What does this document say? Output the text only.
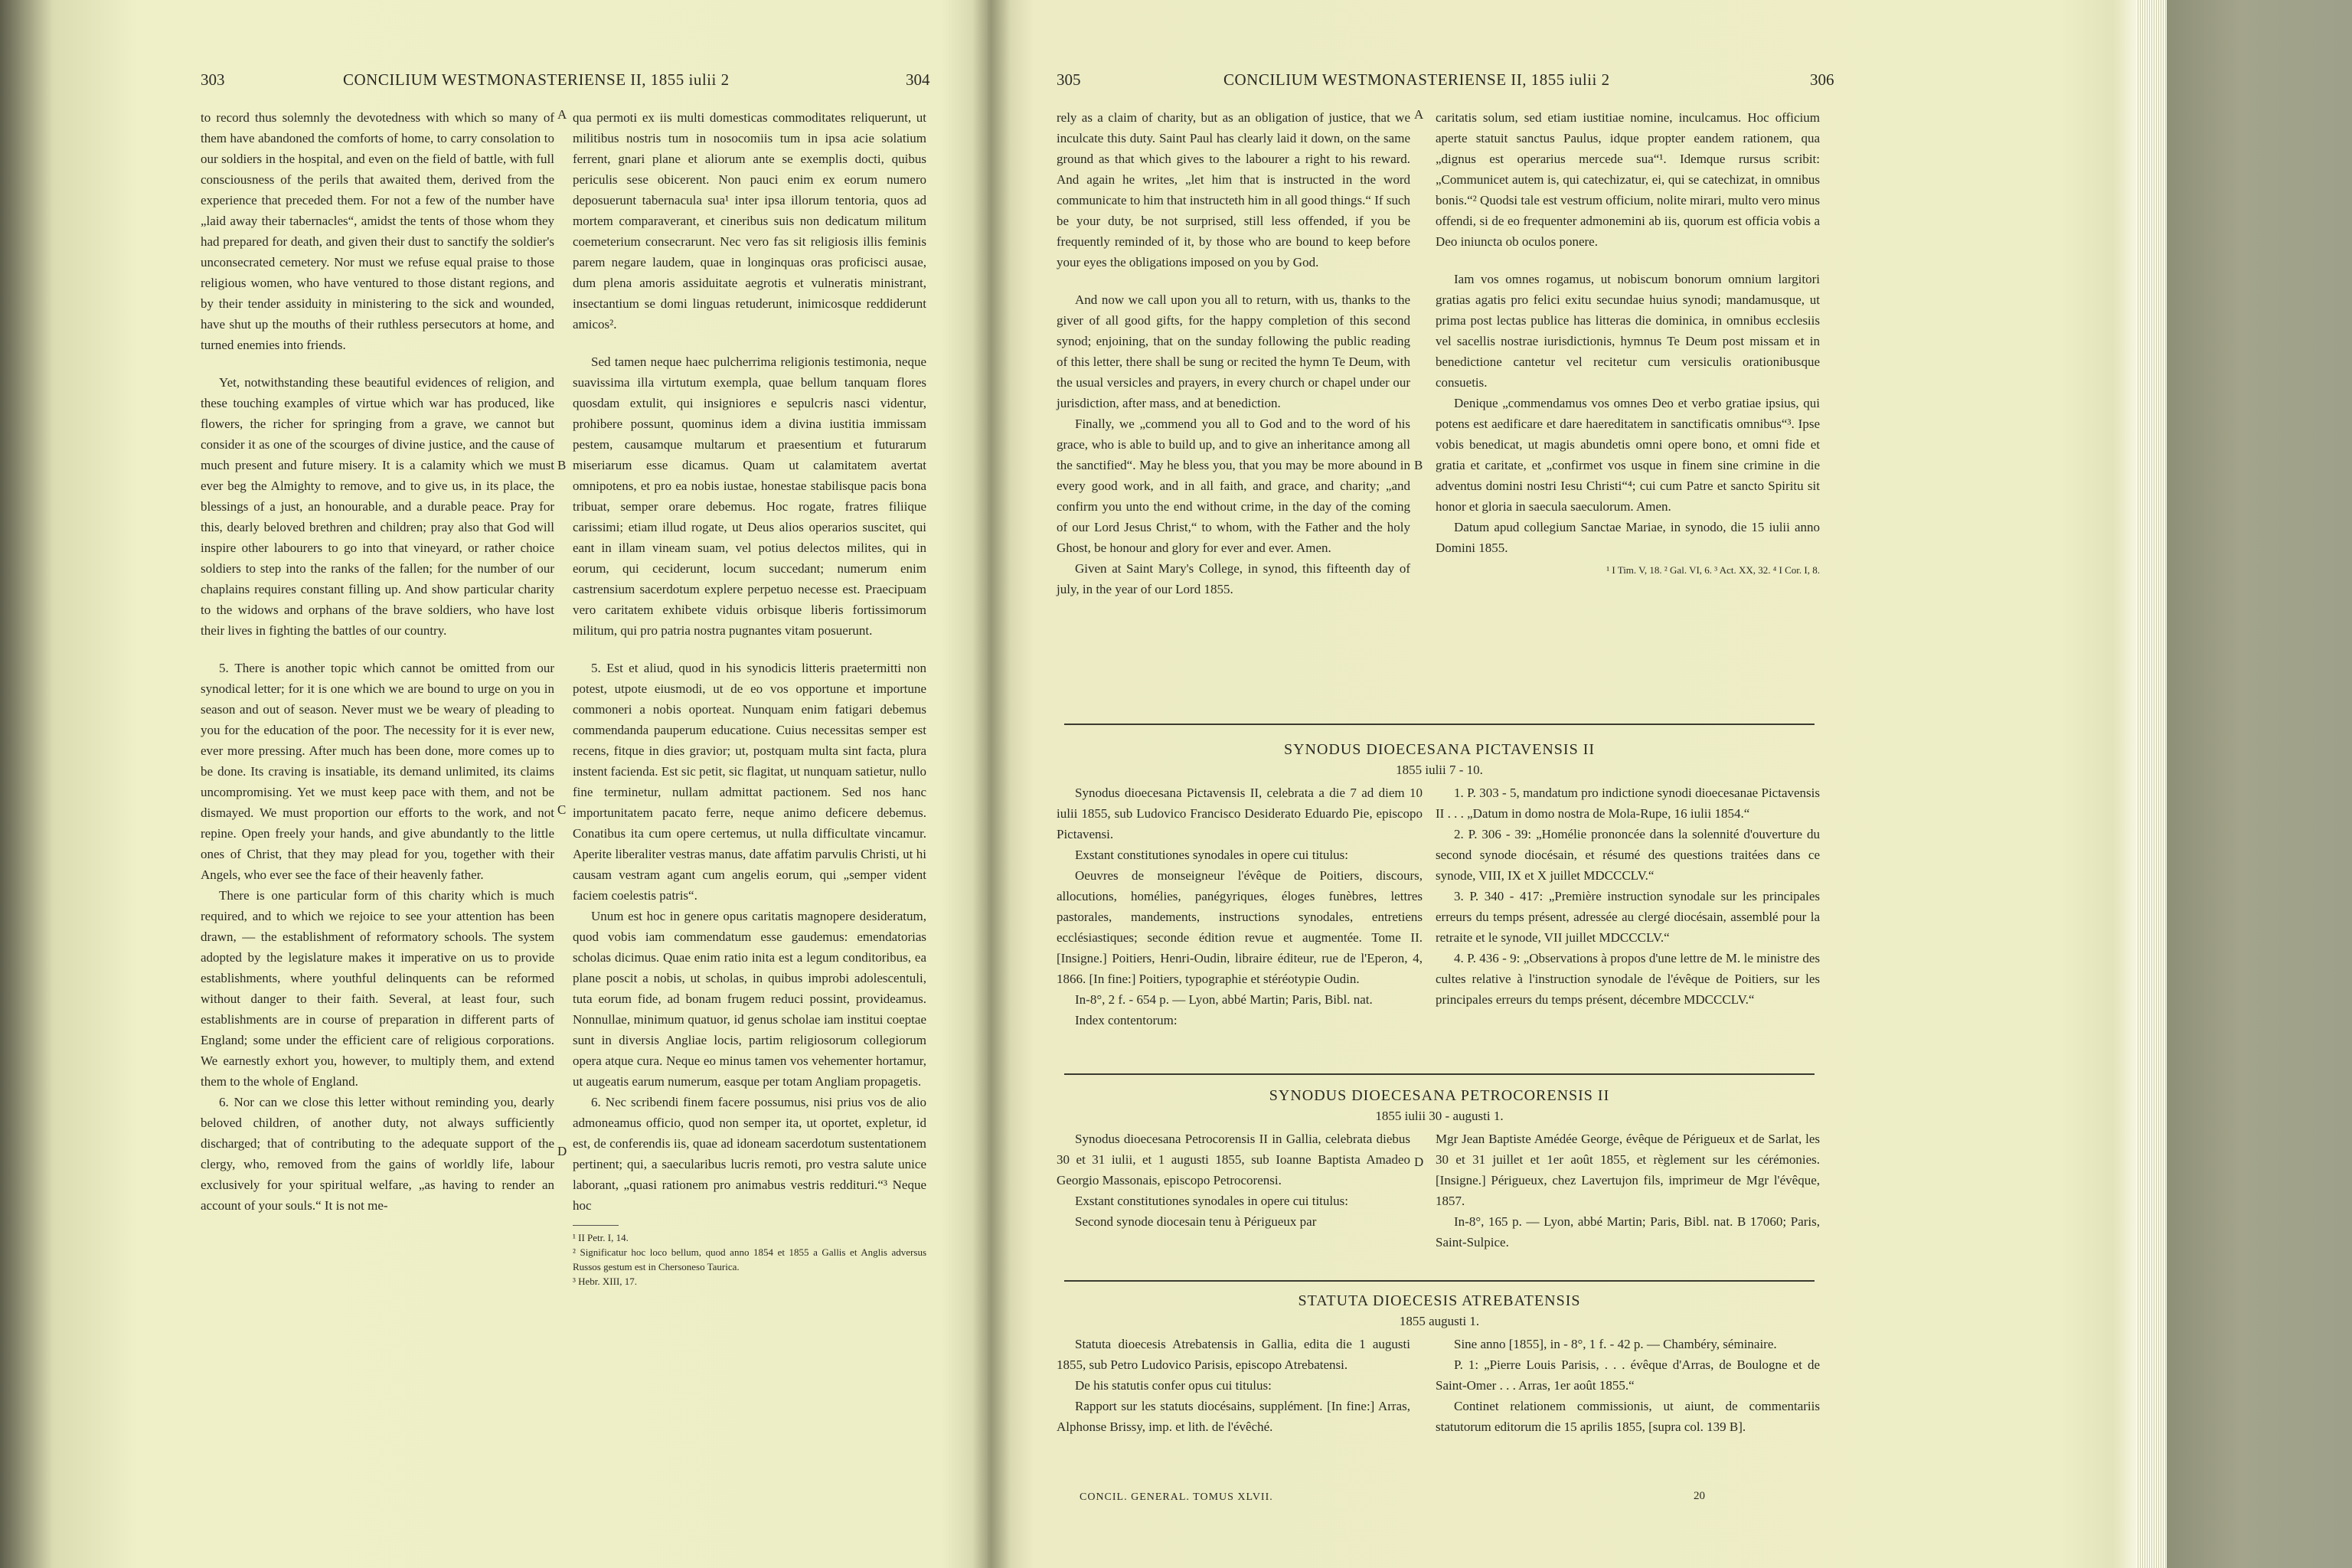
303	CONCILIUM WESTMONASTERIENSE II, 1855 iulii 2	304

to record thus solemnly the devotedness with which so many of them have abandoned the comforts of home, to carry consolation to our soldiers in the hospital, and even on the field of battle, with full consciousness of the perils that awaited them, derived from the experience that preceded them. For not a few of the number have „laid away their tabernacles“, amidst the tents of those whom they had prepared for death, and given their dust to sanctify the soldier's unconsecrated cemetery. Nor must we refuse equal praise to those religious women, who have ventured to those distant regions, and by their tender assiduity in ministering to the sick and wounded, have shut up the mouths of their ruthless persecutors at home, and turned enemies into friends.

Yet, notwithstanding these beautiful evidences of religion, and these touching examples of virtue which war has produced, like flowers, the richer for springing from a grave, we cannot but consider it as one of the scourges of divine justice, and the cause of much present and future misery. It is a calamity which we must ever beg the Almighty to remove, and to give us, in its place, the blessings of a just, an honourable, and a durable peace. Pray for this, dearly beloved brethren and children; pray also that God will inspire other labourers to go into that vineyard, or rather choice soldiers to step into the ranks of the fallen; for the number of our chaplains requires constant filling up. And show particular charity to the widows and orphans of the brave soldiers, who have lost their lives in fighting the battles of our country.

5. There is another topic which cannot be omitted from our synodical letter; for it is one which we are bound to urge on you in season and out of season. Never must we be weary of pleading to you for the education of the poor. The necessity for it is ever new, ever more pressing. After much has been done, more comes up to be done. Its craving is insatiable, its demand unlimited, its claims uncompromising. Yet we must keep pace with them, and not be dismayed. We must proportion our efforts to the work, and not repine. Open freely your hands, and give abundantly to the little ones of Christ, that they may plead for you, together with their Angels, who ever see the face of their heavenly father.

There is one particular form of this charity which is much required, and to which we rejoice to see your attention has been drawn, — the establishment of reformatory schools. The system adopted by the legislature makes it imperative on us to provide establishments, where youthful delinquents can be reformed without danger to their faith. Several, at least four, such establishments are in course of preparation in different parts of England; some under the efficient care of religious corporations. We earnestly exhort you, however, to multiply them, and extend them to the whole of England.

6. Nor can we close this letter without reminding you, dearly beloved children, of another duty, not always sufficiently discharged; that of contributing to the adequate support of the clergy, who, removed from the gains of worldly life, labour exclusively for your spiritual welfare, „as having to render an account of your souls.“ It is not me-

A
B
C
D

qua permoti ex iis multi domesticas commoditates reliquerunt, ut militibus nostris tum in nosocomiis tum in ipsa acie solatium ferrent, gnari plane et aliorum ante se exemplis docti, quibus periculis sese obicerent. Non pauci enim ex eorum numero deposuerunt tabernacula sua¹ inter ipsa illorum tentoria, quos ad mortem comparaverant, et cineribus suis non dedicatum militum coemeterium consecrarunt. Nec vero fas sit religiosis illis feminis parem negare laudem, quae in longinquas oras proficisci ausae, dum plena amoris assiduitate aegrotis et vulneratis ministrant, insectantium se domi linguas retuderunt, inimicosque reddiderunt amicos².

Sed tamen neque haec pulcherrima religionis testimonia, neque suavissima illa virtutum exempla, quae bellum tanquam flores quosdam extulit, qui insigniores e sepulcris nasci videntur, prohibere possunt, quominus idem a divina iustitia immissam pestem, causamque multarum et praesentium et futurarum miseriarum esse dicamus. Quam ut calamitatem avertat omnipotens, et pro ea nobis iustae, honestae stabilisque pacis bona tribuat, semper orare debemus. Hoc rogate, fratres filiique carissimi; etiam illud rogate, ut Deus alios operarios suscitet, qui eant in illam vineam suam, vel potius delectos milites, qui in eorum, qui ceciderunt, locum succedant; numerum enim castrensium sacerdotum explere perpetuo necesse est. Praecipuam vero caritatem exhibete viduis orbisque liberis fortissimorum militum, qui pro patria nostra pugnantes vitam posuerunt.

5. Est et aliud, quod in his synodicis litteris praetermitti non potest, utpote eiusmodi, ut de eo vos opportune et importune commoneri a nobis oporteat. Nunquam enim fatigari debemus commendanda pauperum educatione. Cuius necessitas semper est recens, fitque in dies gravior; ut, postquam multa sint facta, plura instent facienda. Est sic petit, sic flagitat, ut nunquam satietur, nullo fine terminetur, nullam admittat pactionem. Sed nos hanc importunitatem pacato ferre, neque animo deficere debemus. Conatibus ita cum opere certemus, ut nulla difficultate vincamur. Aperite liberaliter vestras manus, date affatim parvulis Christi, ut hi causam vestram agant cum angelis eorum, qui „semper vident faciem coelestis patris“.

Unum est hoc in genere opus caritatis magnopere desideratum, quod vobis iam commendatum esse gaudemus: emendatorias scholas dicimus. Quae enim ratio inita est a legum conditoribus, ea plane poscit a nobis, ut scholas, in quibus improbi adolescentuli, tuta eorum fide, ad bonam frugem reduci possint, provideamus. Nonnullae, minimum quatuor, id genus scholae iam institui coeptae sunt in diversis Angliae locis, partim religiosorum collegiorum opera atque cura. Neque eo minus tamen vos vehementer hortamur, ut augeatis earum numerum, easque per totam Angliam propagetis.

6. Nec scribendi finem facere possumus, nisi prius vos de alio admoneamus officio, quod non semper ita, ut oportet, expletur, id est, de conferendis iis, quae ad idoneam sacerdotum sustentationem pertinent; qui, a saecularibus lucris remoti, pro vestra salute unice laborant, „quasi rationem pro animabus vestris reddituri.“³ Neque hoc

¹ II Petr. I, 14.
² Significatur hoc loco bellum, quod anno 1854 et 1855 a Gallis et Anglis adversus Russos gestum est in Chersoneso Taurica.
³ Hebr. XIII, 17.
305	CONCILIUM WESTMONASTERIENSE II, 1855 iulii 2	306

rely as a claim of charity, but as an obligation of justice, that we inculcate this duty. Saint Paul has clearly laid it down, on the same ground as that which gives to the labourer a right to his reward. And again he writes, „let him that is instructed in the word communicate to him that instructeth him in all good things.“ If such be your duty, be not surprised, still less offended, if you be frequently reminded of it, by those who are bound to keep before your eyes the obligations imposed on you by God.

And now we call upon you all to return, with us, thanks to the giver of all good gifts, for the happy completion of this second synod; enjoining, that on the sunday following the public reading of this letter, there shall be sung or recited the hymn Te Deum, with the usual versicles and prayers, in every church or chapel under our jurisdiction, after mass, and at benediction.

Finally, we „commend you all to God and to the word of his grace, who is able to build up, and to give an inheritance among all the sanctified“. May he bless you, that you may be more abound in every good work, and in all faith, and grace, and charity; „and confirm you unto the end without crime, in the day of the coming of our Lord Jesus Christ,“ to whom, with the Father and the holy Ghost, be honour and glory for ever and ever. Amen.

Given at Saint Mary's College, in synod, this fifteenth day of july, in the year of our Lord 1855.

A
B

caritatis solum, sed etiam iustitiae nomine, inculcamus. Hoc officium aperte statuit sanctus Paulus, idque propter eandem rationem, qua „dignus est operarius mercede sua“¹. Idemque rursus scribit: „Communicet autem is, qui catechizatur, ei, qui se catechizat, in omnibus bonis.“² Quodsi tale est vestrum officium, nolite mirari, multo vero minus offendi, si de eo frequenter admonemini ab iis, quorum est officia vobis a Deo iniuncta ob oculos ponere.

Iam vos omnes rogamus, ut nobiscum bonorum omnium largitori gratias agatis pro felici exitu secundae huius synodi; mandamusque, ut prima post lectas publice has litteras die dominica, in omnibus ecclesiis vel sacellis nostrae iurisdictionis, hymnus Te Deum post missam et in benedictione cantetur vel recitetur cum versiculis orationibusque consuetis.

Denique „commendamus vos omnes Deo et verbo gratiae ipsius, qui potens est aedificare et dare haereditatem in sanctificatis omnibus“³. Ipse vobis benedicat, ut magis abundetis omni opere bono, et omni fide et gratia et caritate, et „confirmet vos usque in finem sine crimine in die adventus domini nostri Iesu Christi“⁴; cui cum Patre et sancto Spiritu sit honor et gloria in saecula saeculorum. Amen.

Datum apud collegium Sanctae Mariae, in synodo, die 15 iulii anno Domini 1855.

¹ I Tim. V, 18. ² Gal. VI, 6. ³ Act. XX, 32. ⁴ I Cor. I, 8.
SYNODUS DIOECESANA PICTAVENSIS II
1855 iulii 7 - 10.

Synodus dioecesana Pictavensis II, celebrata a die 7 ad diem 10 iulii 1855, sub Ludovico Francisco Desiderato Eduardo Pie, episcopo Pictavensi.

Exstant constitutiones synodales in opere cui titulus:

Oeuvres de monseigneur l'évêque de Poitiers, discours, allocutions, homélies, panégyriques, éloges funèbres, lettres pastorales, mandements, instructions synodales, entretiens ecclésiastiques; seconde édition revue et augmentée. Tome II. [Insigne.] Poitiers, Henri-Oudin, libraire éditeur, rue de l'Eperon, 4, 1866. [In fine:] Poitiers, typographie et stéréotypie Oudin.

In-8°, 2 f. - 654 p. — Lyon, abbé Martin; Paris, Bibl. nat.

Index contentorum:

1. P. 303 - 5, mandatum pro indictione synodi dioecesanae Pictavensis II . . . „Datum in domo nostra de Mola-Rupe, 16 iulii 1854.“

2. P. 306 - 39: „Homélie prononcée dans la solennité d'ouverture du second synode diocésain, et résumé des questions traitées dans ce synode, VIII, IX et X juillet MDCCCLV.“

3. P. 340 - 417: „Première instruction synodale sur les principales erreurs du temps présent, adressée au clergé diocésain, assemblé pour la retraite et le synode, VII juillet MDCCCLV.“

4. P. 436 - 9: „Observations à propos d'une lettre de M. le ministre des cultes relative à l'instruction synodale de l'évêque de Poitiers, sur les principales erreurs du temps présent, décembre MDCCCLV.“

SYNODUS DIOECESANA PETROCORENSIS II
1855 iulii 30 - augusti 1.
D

Synodus dioecesana Petrocorensis II in Gallia, celebrata diebus 30 et 31 iulii, et 1 augusti 1855, sub Ioanne Baptista Amadeo Georgio Massonais, episcopo Petrocorensi.

Exstant constitutiones synodales in opere cui titulus:

Second synode diocesain tenu à Périgueux par

Mgr Jean Baptiste Amédée George, évêque de Périgueux et de Sarlat, les 30 et 31 juillet et 1er août 1855, et règlement sur les cérémonies. [Insigne.] Périgueux, chez Lavertujon fils, imprimeur de Mgr l'évêque, 1857.

In-8°, 165 p. — Lyon, abbé Martin; Paris, Bibl. nat. B 17060; Paris, Saint-Sulpice.

STATUTA DIOECESIS ATREBATENSIS
1855 augusti 1.

Statuta dioecesis Atrebatensis in Gallia, edita die 1 augusti 1855, sub Petro Ludovico Parisis, episcopo Atrebatensi.

De his statutis confer opus cui titulus:

Rapport sur les statuts diocésains, supplément. [In fine:] Arras, Alphonse Brissy, imp. et lith. de l'évêché.

Sine anno [1855], in - 8°, 1 f. - 42 p. — Chambéry, séminaire.

P. 1: „Pierre Louis Parisis, . . . évêque d'Arras, de Boulogne et de Saint-Omer . . . Arras, 1er août 1855.“

Continet relationem commissionis, ut aiunt, de commentariis statutorum editorum die 15 aprilis 1855, [supra col. 139 B].

CONCIL. GENERAL. TOMUS XLVII.	20
